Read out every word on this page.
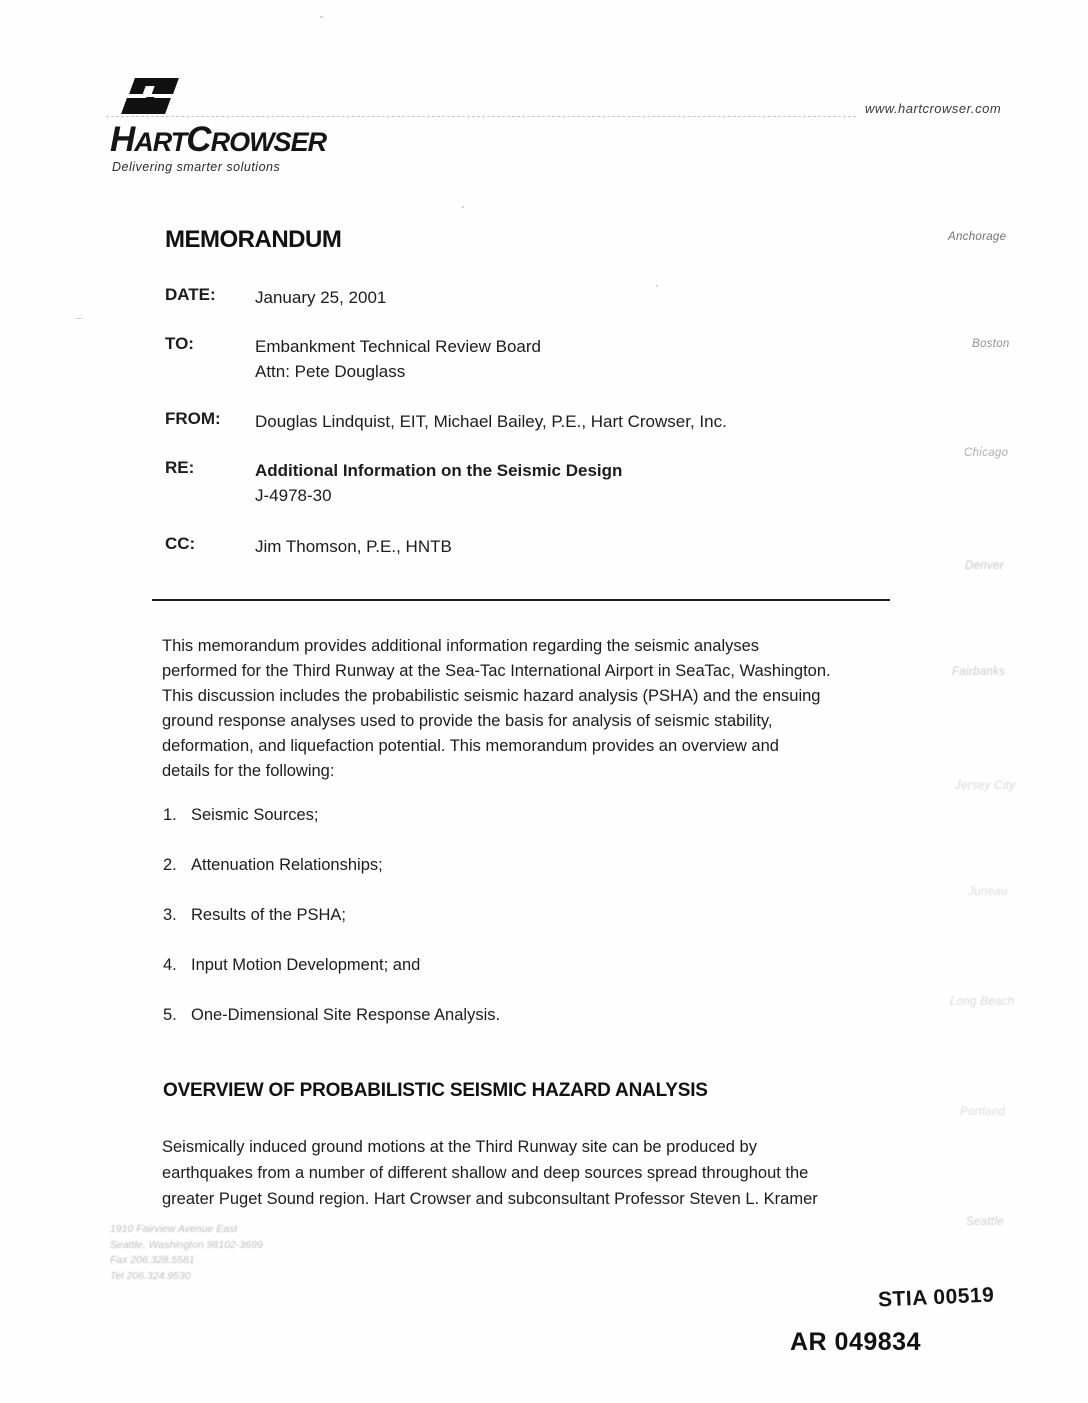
HARTCROWSER
Delivering smarter solutions
www.hartcrowser.com
MEMORANDUM
DATE: January 25, 2001
TO:	Embankment Technical Review Board
Attn: Pete Douglass
FROM: Douglas Lindquist, EIT, Michael Bailey, P.E., Hart Crowser, Inc.
RE:	Additional Information on the Seismic Design
J-4978-30
CC:	Jim Thomson, P.E., HNTB
This memorandum provides additional information regarding the seismic analyses
performed for the Third Runway at the Sea-Tac International Airport in SeaTac, Washington.
This discussion includes the probabilistic seismic hazard analysis (PSHA) and the ensuing
ground response analyses used to provide the basis for analysis of seismic stability,
deformation, and liquefaction potential. This memorandum provides an overview and
details for the following:
1. Seismic Sources;
2. Attenuation Relationships;
3. Results of the PSHA;
4. Input Motion Development; and
5. One-Dimensional Site Response Analysis.
OVERVIEW OF PROBABILISTIC SEISMIC HAZARD ANALYSIS
Seismically induced ground motions at the Third Runway site can be produced by
earthquakes from a number of different shallow and deep sources spread throughout the
greater Puget Sound region. Hart Crowser and subconsultant Professor Steven L. Kramer
Anchorage
Boston
Chicago
Denver
Fairbanks
Jersey City
Juneau
Long Beach
Portland
Seattle
1910 Fairview Avenue East
Seattle, Washington 98102-3699
Fax 206.328.5581
Tel 206.324.9530
STIA 00519
AR 049834
